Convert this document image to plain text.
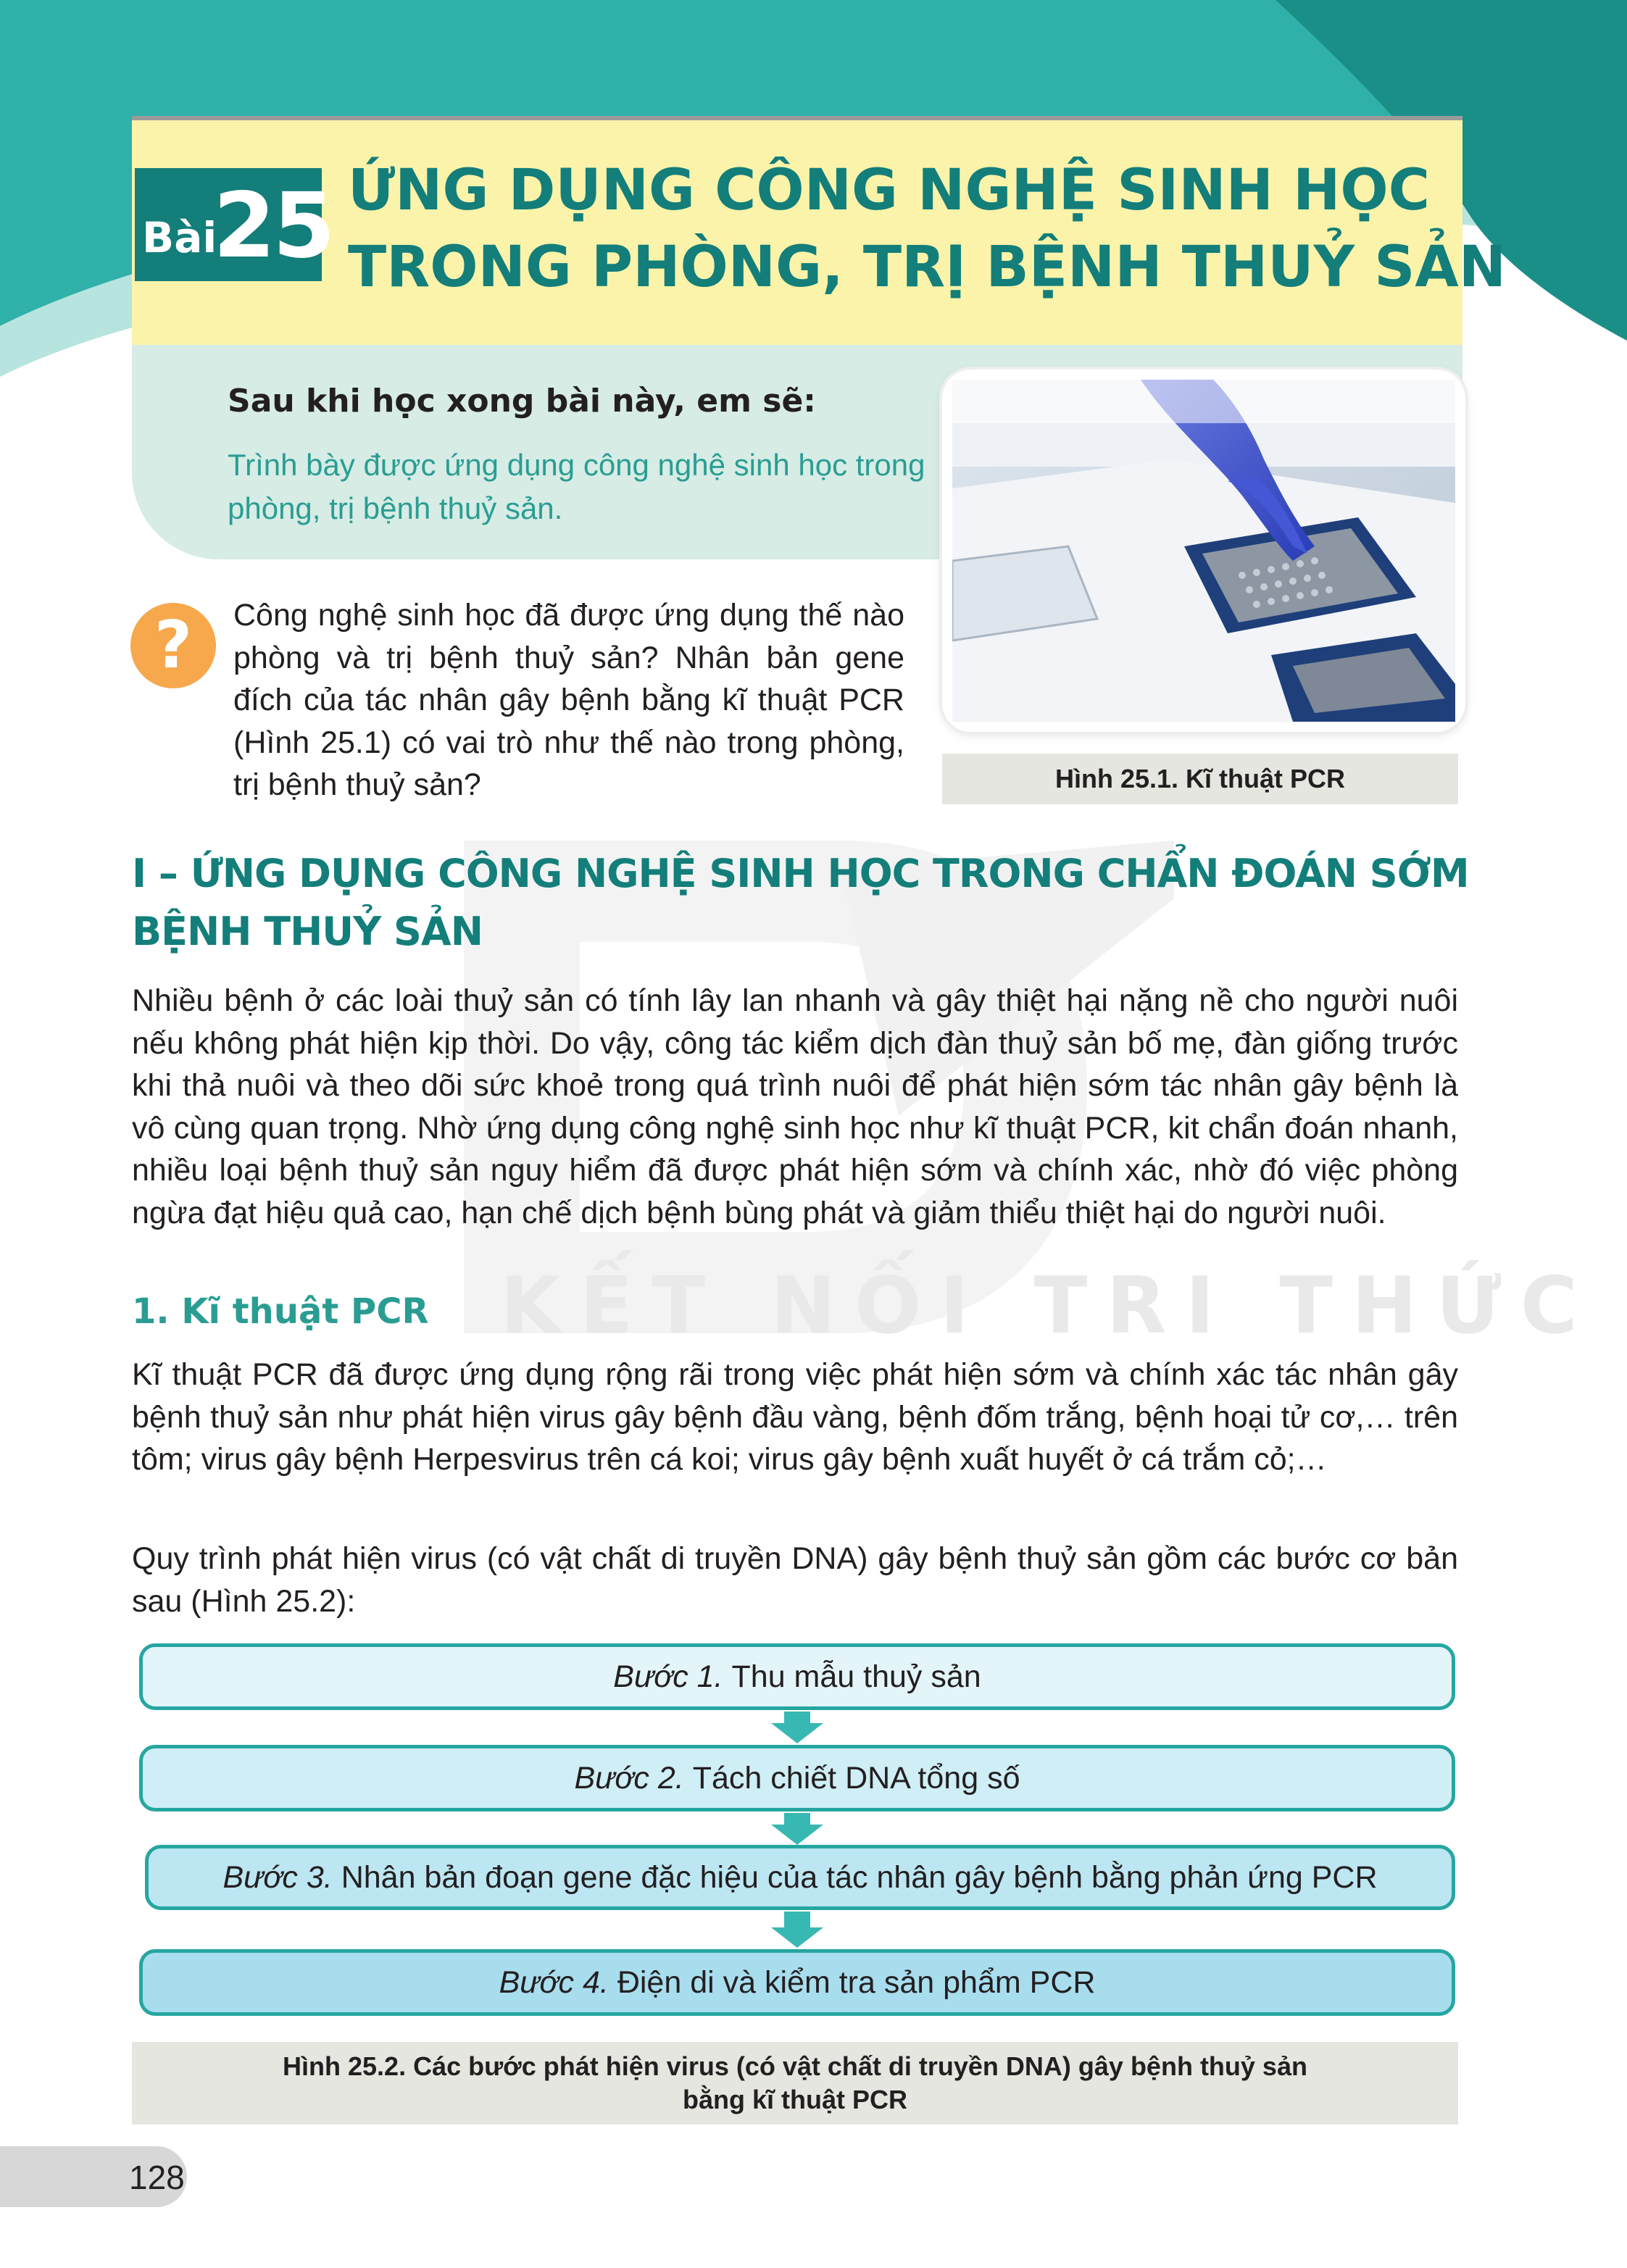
Bài
25 ỨNG DỤNG CÔNG NGHỆ SINH HỌC
TRONG PHÒNG, TRỊ BỆNH THUỶ SẢN
Sau khi học xong bài này, em sẽ:
Trình bày được ứng dụng công nghệ sinh học trong phòng, trị bệnh thuỷ sản.
Hình 25.1. Kĩ thuật PCR
?	Công nghệ sinh học đã được ứng dụng thế nào phòng và trị bệnh thuỷ sản? Nhân bản gene đích của tác nhân gây bệnh bằng kĩ thuật PCR (Hình 25.1) có vai trò như thế nào trong phòng, trị bệnh thuỷ sản?
KẾT NỐI TRI THỨC
I – ỨNG DỤNG CÔNG NGHỆ SINH HỌC TRONG CHẨN ĐOÁN SỚM
BỆNH THUỶ SẢN
Nhiều bệnh ở các loài thuỷ sản có tính lây lan nhanh và gây thiệt hại nặng nề cho người nuôi nếu không phát hiện kịp thời. Do vậy, công tác kiểm dịch đàn thuỷ sản bố mẹ, đàn giống trước khi thả nuôi và theo dõi sức khoẻ trong quá trình nuôi để phát hiện sớm tác nhân gây bệnh là vô cùng quan trọng. Nhờ ứng dụng công nghệ sinh học như kĩ thuật PCR, kit chẩn đoán nhanh, nhiều loại bệnh thuỷ sản nguy hiểm đã được phát hiện sớm và chính xác, nhờ đó việc phòng ngừa đạt hiệu quả cao, hạn chế dịch bệnh bùng phát và giảm thiểu thiệt hại do người nuôi.
1. Kĩ thuật PCR
Kĩ thuật PCR đã được ứng dụng rộng rãi trong việc phát hiện sớm và chính xác tác nhân gây bệnh thuỷ sản như phát hiện virus gây bệnh đầu vàng, bệnh đốm trắng, bệnh hoại tử cơ,… trên tôm; virus gây bệnh Herpesvirus trên cá koi; virus gây bệnh xuất huyết ở cá trắm cỏ;…
Quy trình phát hiện virus (có vật chất di truyền DNA) gây bệnh thuỷ sản gồm các bước cơ bản sau (Hình 25.2):
Bước 1. Thu mẫu thuỷ sản
Bước 2. Tách chiết DNA tổng số
Bước 3. Nhân bản đoạn gene đặc hiệu của tác nhân gây bệnh bằng phản ứng PCR
Bước 4. Điện di và kiểm tra sản phẩm PCR
Hình 25.2. Các bước phát hiện virus (có vật chất di truyền DNA) gây bệnh thuỷ sản
bằng kĩ thuật PCR
128
